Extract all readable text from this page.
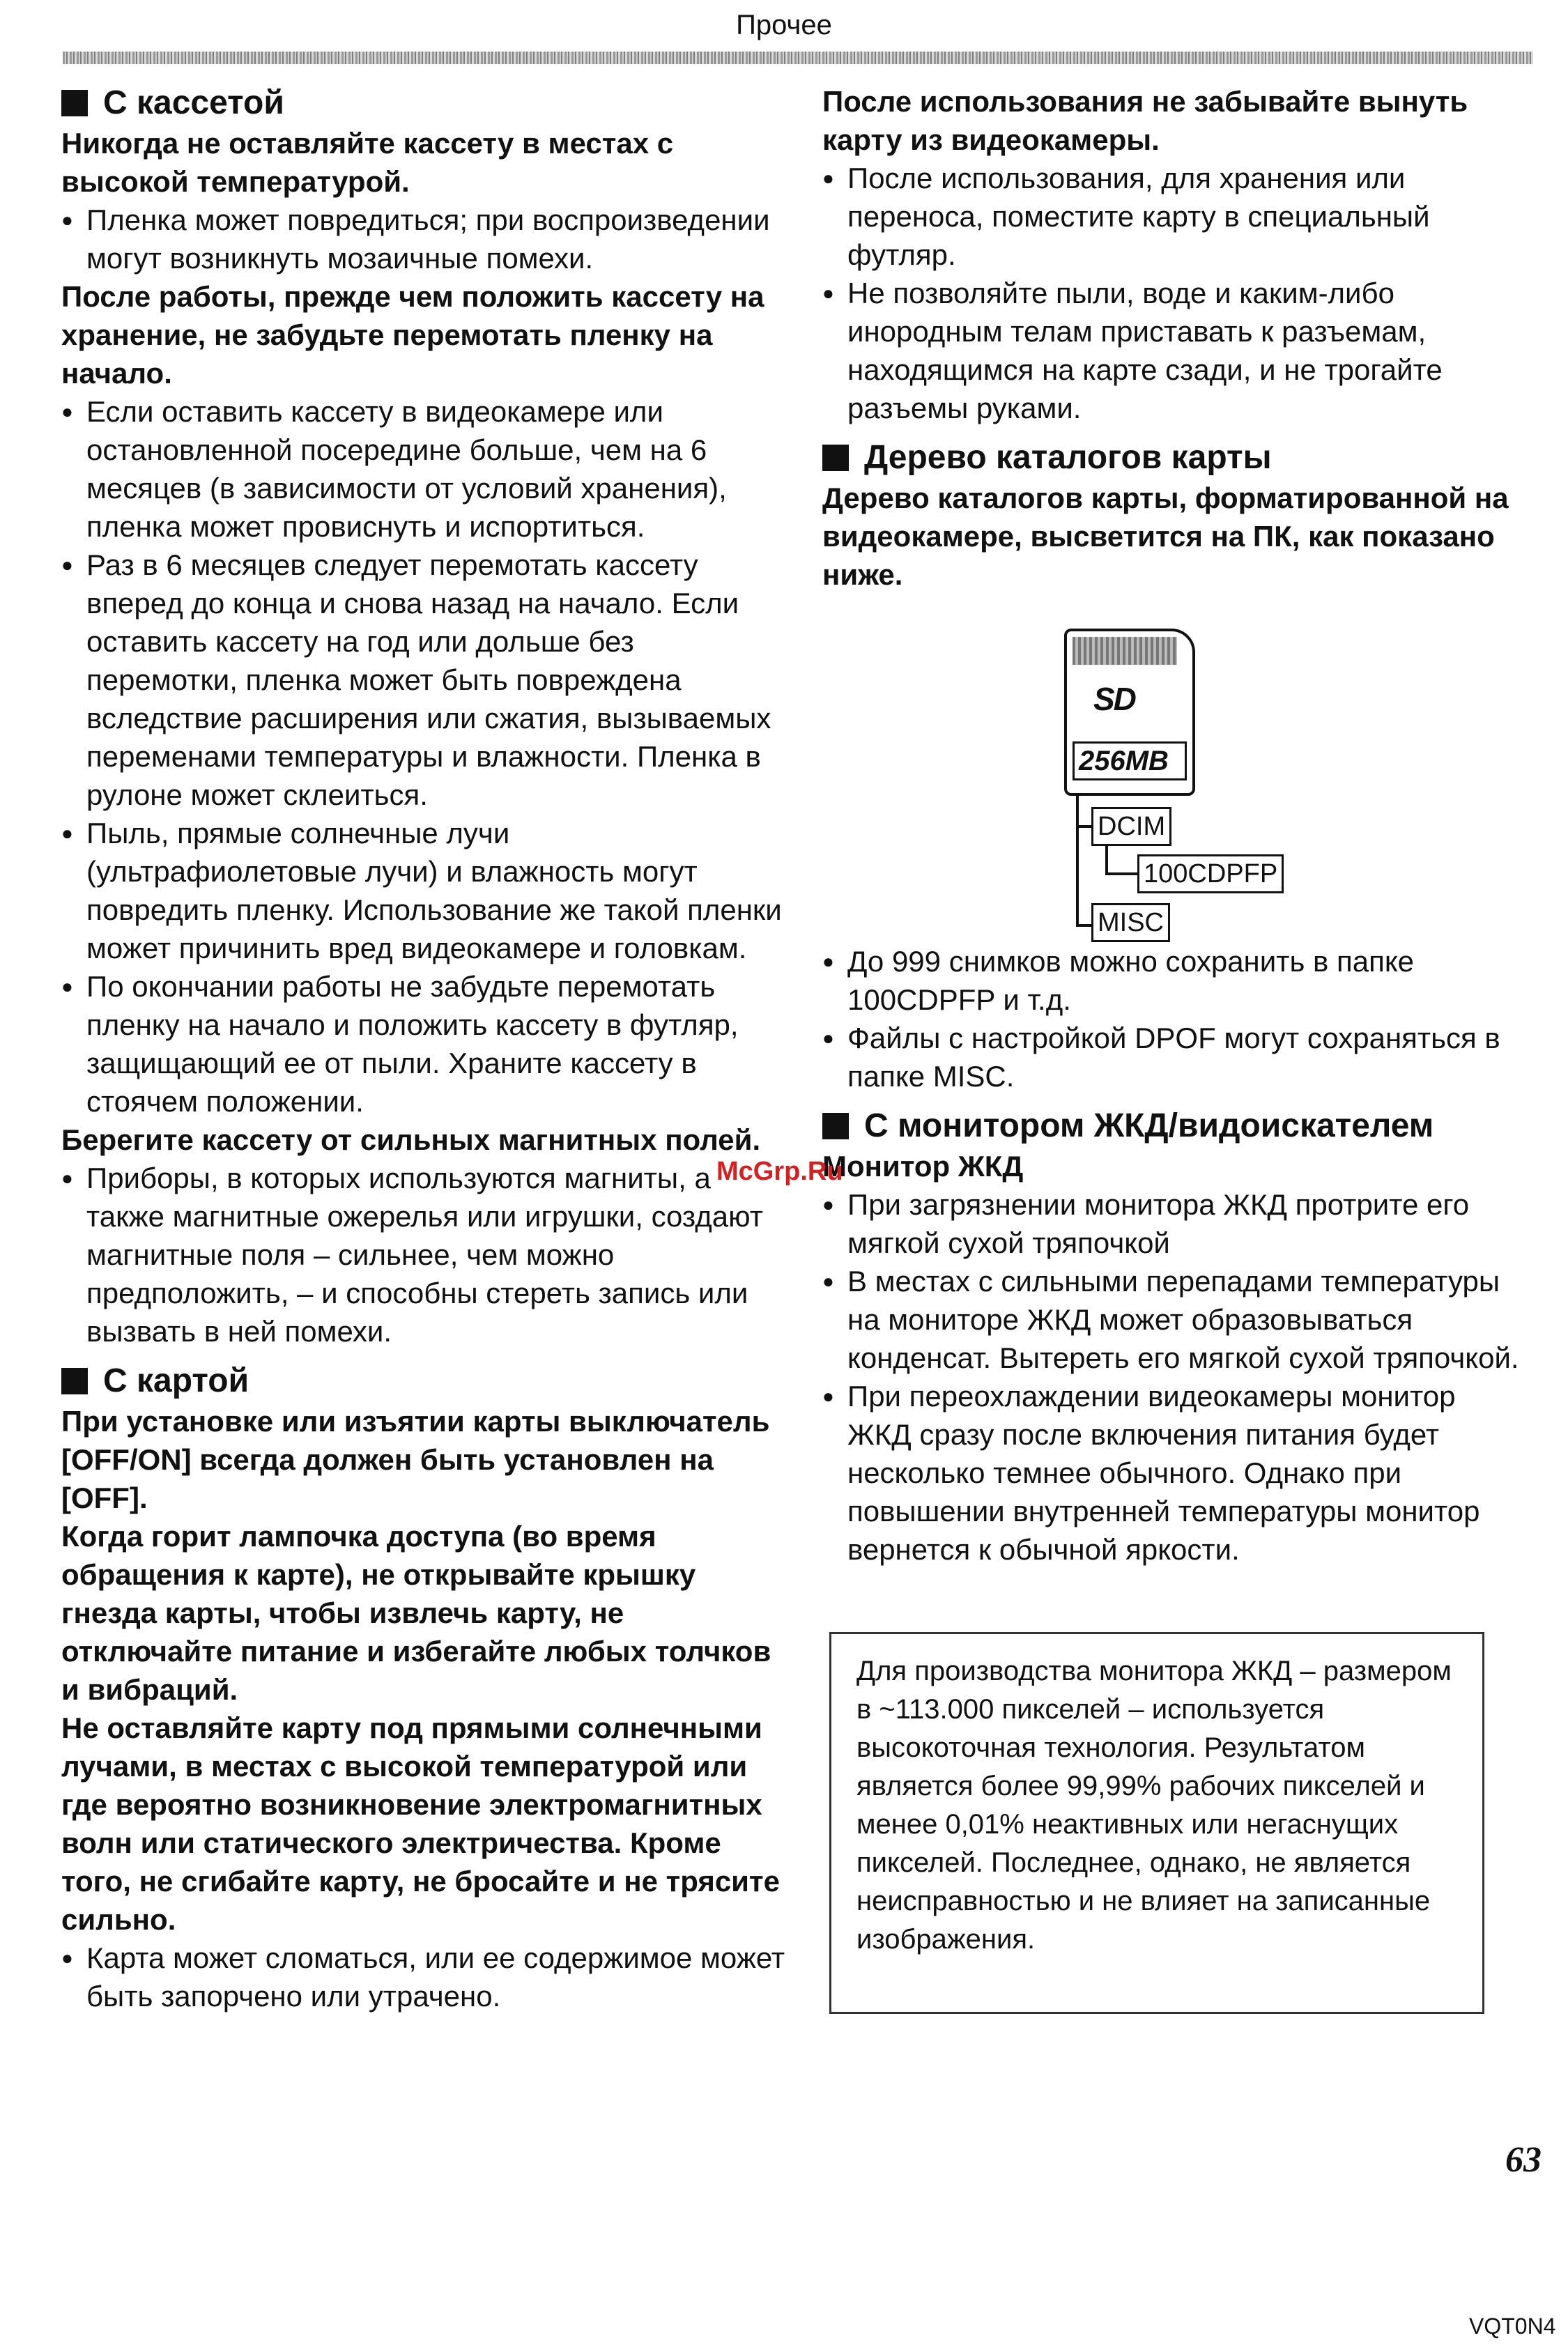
Прочее
С кассетой

Никогда не оставляйте кассету в местах с высокой температурой.

● Пленка может повредиться; при воспроизведении могут возникнуть мозаичные помехи.

После работы, прежде чем положить кассету на хранение, не забудьте перемотать пленку на начало.

● Если оставить кассету в видеокамере или остановленной посередине больше, чем на 6 месяцев (в зависимости от условий хранения), пленка может провиснуть и испортиться.
● Раз в 6 месяцев следует перемотать кассету вперед до конца и снова назад на начало. Если оставить кассету на год или дольше без перемотки, пленка может быть повреждена вследствие расширения или сжатия, вызываемых переменами температуры и влажности. Пленка в рулоне может склеиться.
● Пыль, прямые солнечные лучи (ультрафиолетовые лучи) и влажность могут повредить пленку. Использование же такой пленки может причинить вред видеокамере и головкам.
● По окончании работы не забудьте перемотать пленку на начало и положить кассету в футляр, защищающий ее от пыли. Храните кассету в стоячем положении.

Берегите кассету от сильных магнитных полей.

● Приборы, в которых используются магниты, а также магнитные ожерелья или игрушки, создают магнитные поля – сильнее, чем можно предположить, – и способны стереть запись или вызвать в ней помехи.
С картой

При установке или изъятии карты выключатель [OFF/ON] всегда должен быть установлен на [OFF].

Когда горит лампочка доступа (во время обращения к карте), не открывайте крышку гнезда карты, чтобы извлечь карту, не отключайте питание и избегайте любых толчков и вибраций.

Не оставляйте карту под прямыми солнечными лучами, в местах с высокой температурой или где вероятно возникновение электромагнитных волн или статического электричества. Кроме того, не сгибайте карту, не бросайте и не трясите сильно.

● Карта может сломаться, или ее содержимое может быть запорчено или утрачено.

После использования не забывайте вынуть карту из видеокамеры.

● После использования, для хранения или переноса, поместите карту в специальный футляр.
● Не позволяйте пыли, воде и каким-либо инородным телам приставать к разъемам, находящимся на карте сзади, и не трогайте разъемы руками.
Дерево каталогов карты

Дерево каталогов карты, форматированной на видеокамере, высветится на ПК, как показано ниже.

SD
256MB
DCIM
100CDPFP
MISC
● До 999 снимков можно сохранить в папке 100CDPFP и т.д.
● Файлы с настройкой DPOF могут сохраняться в папке MISC.
С монитором ЖКД/видоискателем

Монитор ЖКД

● При загрязнении монитора ЖКД протрите его мягкой сухой тряпочкой
● В местах с сильными перепадами температуры на мониторе ЖКД может образовываться конденсат. Вытереть его мягкой сухой тряпочкой.
● При переохлаждении видеокамеры монитор ЖКД сразу после включения питания будет несколько темнее обычного. Однако при повышении внутренней температуры монитор вернется к обычной яркости.
Для производства монитора ЖКД – размером в ~113.000 пикселей – используется высокоточная технология. Результатом является более 99,99% рабочих пикселей и менее 0,01% неактивных или негаснущих пикселей. Последнее, однако, не является неисправностью и не влияет на записанные изображения.
McGrp.Ru
63
VQT0N4
